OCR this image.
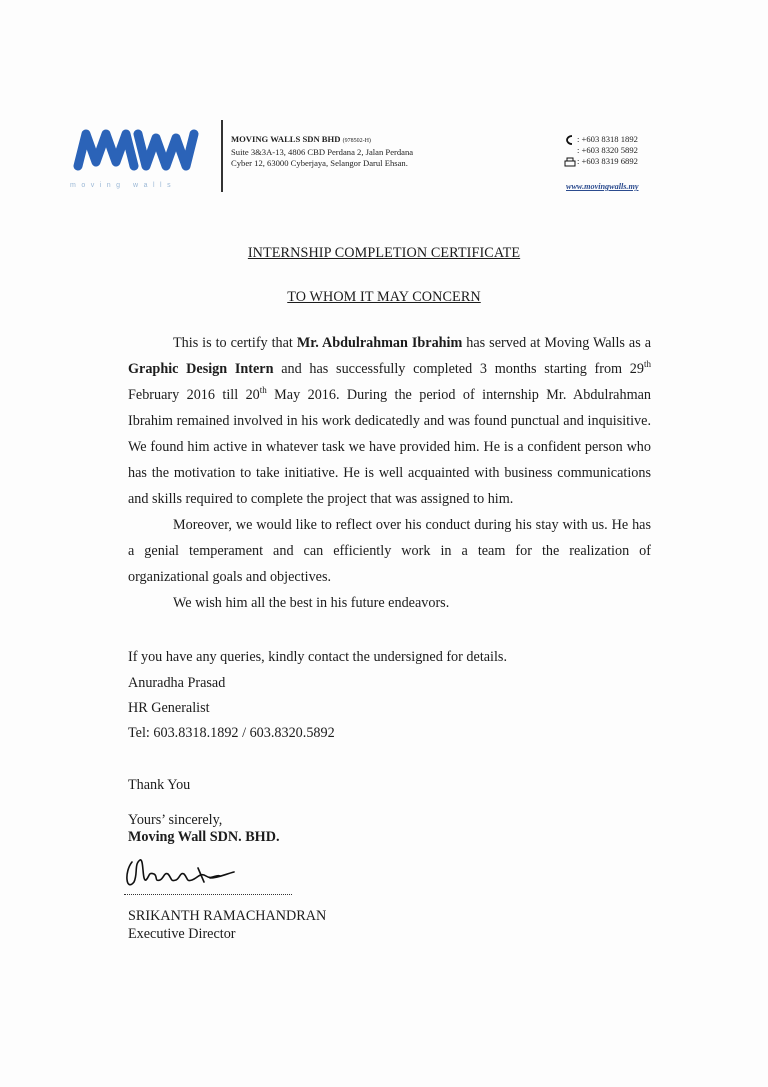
moving walls
MOVING WALLS SDN BHD (978502-H)
Suite 3&3A-13, 4806 CBD Perdana 2, Jalan Perdana
Cyber 12, 63000 Cyberjaya, Selangor Darul Ehsan.
: +603 8318 1892
: +603 8320 5892
: +603 8319 6892
www.movingwalls.my
INTERNSHIP COMPLETION CERTIFICATE
TO WHOM IT MAY CONCERN

This is to certify that Mr. Abdulrahman Ibrahim has served at Moving Walls as a Graphic Design Intern and has successfully completed 3 months starting from 29th February 2016 till 20th May 2016. During the period of internship Mr. Abdulrahman Ibrahim remained involved in his work dedicatedly and was found punctual and inquisitive. We found him active in whatever task we have provided him. He is a confident person who has the motivation to take initiative. He is well acquainted with business communications and skills required to complete the project that was assigned to him.

Moreover, we would like to reflect over his conduct during his stay with us. He has a genial temperament and can efficiently work in a team for the realization of organizational goals and objectives.

We wish him all the best in his future endeavors.

If you have any queries, kindly contact the undersigned for details.
Anuradha Prasad
HR Generalist
Tel: 603.8318.1892 / 603.8320.5892
Thank You
Yours’ sincerely,
Moving Wall SDN. BHD.
SRIKANTH RAMACHANDRAN
Executive Director
